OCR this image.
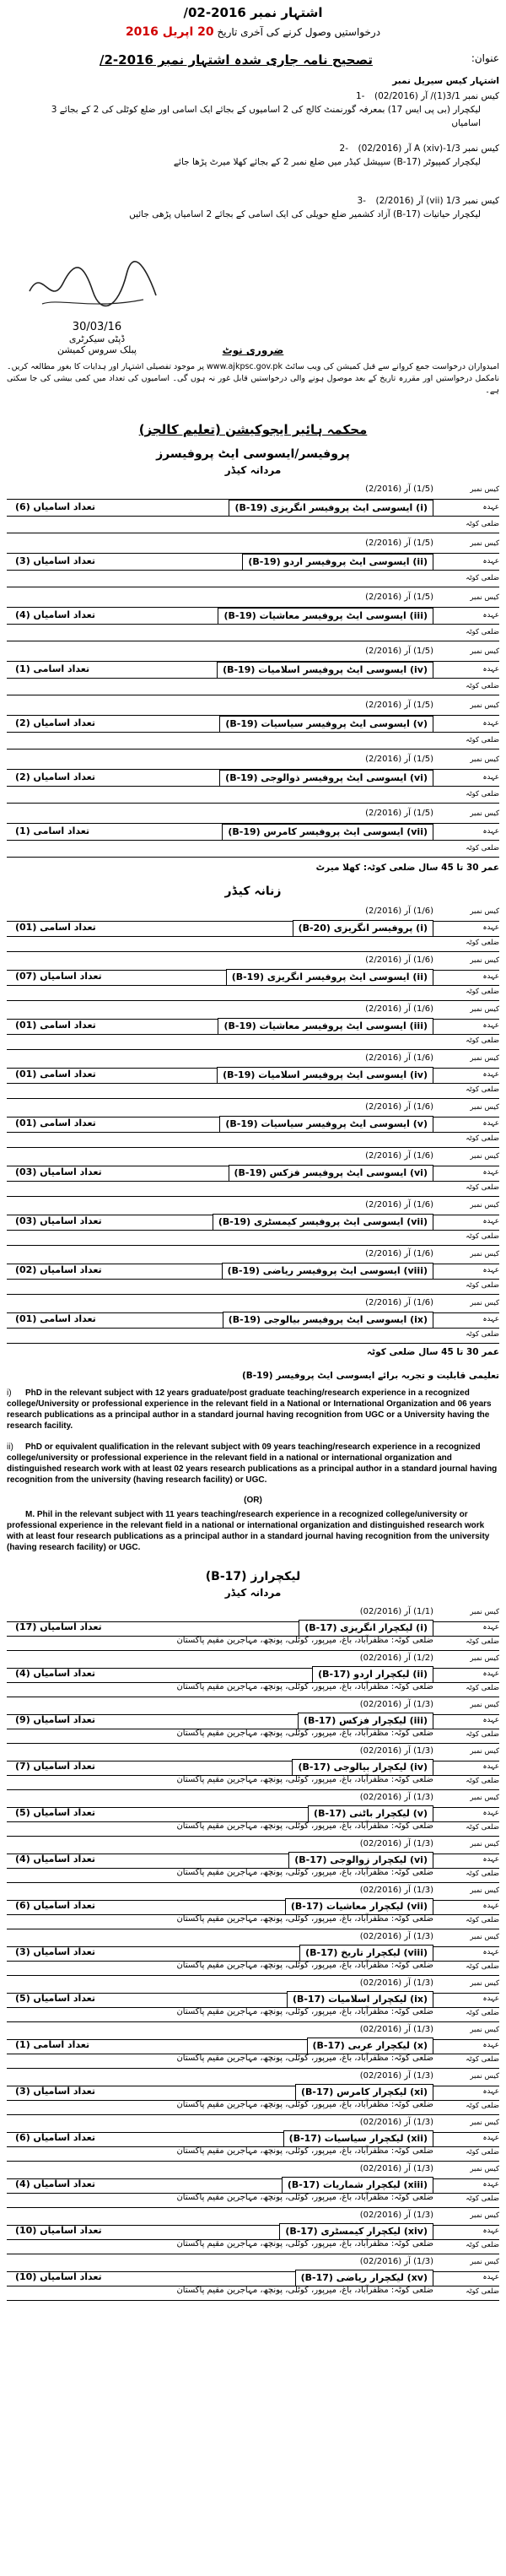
اشتہار نمبر 2016-02/
درخواستیں وصول کرنے کی آخری تاریخ 20 اپریل 2016
عنوان:
تصحیح نامہ جاری شدہ اشتہار نمبر 2016-2/
اشتہار کیس سیریل نمبر
کیس نمبر 3/1(1)/ آر (02/2016)-1
لیکچرار (بی پی ایس 17) بمعرفہ گورنمنٹ کالج کی 2 اسامیوں کے بجائے ایک اسامی اور ضلع کوٹلی کی 2 کے بجائے 3 اسامیاں
کیس نمبر 1/3-A (xiv) آر (02/2016)-2
لیکچرار کمپیوٹر (B-17) سپیشل کیڈر میں ضلع نمبر 2 کے بجائے کھلا میرٹ پڑھا جائے
کیس نمبر 1/3 (vii) آر (2/2016)-3
لیکچرار حیاتیات (B-17) آزاد کشمیر ضلع حویلی کی ایک اسامی کے بجائے 2 اسامیاں پڑھی جائیں
30/03/16
ڈپٹی سیکرٹری
پبلک سروس کمیشن	ضروری نوٹ
امیدواران درخواست جمع کروانے سے قبل کمیشن کی ویب سائٹ www.ajkpsc.gov.pk پر موجود تفصیلی اشتہار اور ہدایات کا بغور مطالعہ کریں۔ نامکمل درخواستیں اور مقررہ تاریخ کے بعد موصول ہونے والی درخواستیں قابل غور نہ ہوں گی۔ اسامیوں کی تعداد میں کمی بیشی کی جا سکتی ہے۔
محکمہ ہائیر ایجوکیشن (تعلیم کالجز)
پروفیسر/ایسوسی ایٹ پروفیسرز
مردانہ کیڈر
کیس نمبر
(1/5) آر (2/2016)
عہدہ
(i) ایسوسی ایٹ پروفیسر انگریزی (B-19)
تعداد اسامیاں (6)
ضلعی کوٹہ
کیس نمبر
(1/5) آر (2/2016)
عہدہ
(ii) ایسوسی ایٹ پروفیسر اردو (B-19)
تعداد اسامیاں (3)
ضلعی کوٹہ
کیس نمبر
(1/5) آر (2/2016)
عہدہ
(iii) ایسوسی ایٹ پروفیسر معاشیات (B-19)
تعداد اسامیاں (4)
ضلعی کوٹہ
کیس نمبر
(1/5) آر (2/2016)
عہدہ
(iv) ایسوسی ایٹ پروفیسر اسلامیات (B-19)
تعداد اسامی (1)
ضلعی کوٹہ
کیس نمبر
(1/5) آر (2/2016)
عہدہ
(v) ایسوسی ایٹ پروفیسر سیاسیات (B-19)
تعداد اسامیاں (2)
ضلعی کوٹہ
کیس نمبر
(1/5) آر (2/2016)
عہدہ
(vi) ایسوسی ایٹ پروفیسر ذوالوجی (B-19)
تعداد اسامیاں (2)
ضلعی کوٹہ
کیس نمبر
(1/5) آر (2/2016)
عہدہ
(vii) ایسوسی ایٹ پروفیسر کامرس (B-19)
تعداد اسامی (1)
ضلعی کوٹہ
عمر 30 تا 45 سال ضلعی کوٹہ: کھلا میرٹ
زنانہ کیڈر
کیس نمبر
(1/6) آر (2/2016)
عہدہ
(i) پروفیسر انگریزی (B-20)
تعداد اسامی (01)
ضلعی کوٹہ
کیس نمبر
(1/6) آر (2/2016)
عہدہ
(ii) ایسوسی ایٹ پروفیسر انگریزی (B-19)
تعداد اسامیاں (07)
ضلعی کوٹہ
کیس نمبر
(1/6) آر (2/2016)
عہدہ
(iii) ایسوسی ایٹ پروفیسر معاشیات (B-19)
تعداد اسامی (01)
ضلعی کوٹہ
کیس نمبر
(1/6) آر (2/2016)
عہدہ
(iv) ایسوسی ایٹ پروفیسر اسلامیات (B-19)
تعداد اسامی (01)
ضلعی کوٹہ
کیس نمبر
(1/6) آر (2/2016)
عہدہ
(v) ایسوسی ایٹ پروفیسر سیاسیات (B-19)
تعداد اسامی (01)
ضلعی کوٹہ
کیس نمبر
(1/6) آر (2/2016)
عہدہ
(vi) ایسوسی ایٹ پروفیسر فزکس (B-19)
تعداد اسامیاں (03)
ضلعی کوٹہ
کیس نمبر
(1/6) آر (2/2016)
عہدہ
(vii) ایسوسی ایٹ پروفیسر کیمسٹری (B-19)
تعداد اسامیاں (03)
ضلعی کوٹہ
کیس نمبر
(1/6) آر (2/2016)
عہدہ
(viii) ایسوسی ایٹ پروفیسر ریاضی (B-19)
تعداد اسامیاں (02)
ضلعی کوٹہ
کیس نمبر
(1/6) آر (2/2016)
عہدہ
(ix) ایسوسی ایٹ پروفیسر بیالوجی (B-19)
تعداد اسامی (01)
ضلعی کوٹہ
عمر 30 تا 45 سال ضلعی کوٹہ
تعلیمی قابلیت و تجربہ برائے ایسوسی ایٹ پروفیسر (B-19)
i) PhD in the relevant subject with 12 years graduate/post graduate teaching/research experience in a recognized college/University or professional experience in the relevant field in a National or International Organization and 06 years research publications as a principal author in a standard journal having recognition from UGC or a University having the research facility.
ii) PhD or equivalent qualification in the relevant subject with 09 years teaching/research experience in a recognized college/university or professional experience in the relevant field in a national or international organization and distinguished research work with at least 02 years research publications as a principal author in a standard journal having recognition from the university (having research facility) or UGC.
(OR)
M. Phil in the relevant subject with 11 years teaching/research experience in a recognized college/university or professional experience in the relevant field in a national or international organization and distinguished research work with at least four research publications as a principal author in a standard journal having recognition from the university (having research facility) or UGC.
لیکچرارز (B-17)
مردانہ کیڈر
کیس نمبر
(1/1) آر (02/2016)
عہدہ
(i) لیکچرار انگریزی (B-17)
تعداد اسامیاں (17)
ضلعی کوٹہ
ضلعی کوٹہ: مظفرآباد، باغ، میرپور، کوٹلی، پونچھ، مہاجرین مقیم پاکستان
کیس نمبر
(1/2) آر (02/2016)
عہدہ
(ii) لیکچرار اردو (B-17)
تعداد اسامیاں (4)
ضلعی کوٹہ
ضلعی کوٹہ: مظفرآباد، باغ، میرپور، کوٹلی، پونچھ، مہاجرین مقیم پاکستان
کیس نمبر
(1/3) آر (02/2016)
عہدہ
(iii) لیکچرار فزکس (B-17)
تعداد اسامیاں (9)
ضلعی کوٹہ
ضلعی کوٹہ: مظفرآباد، باغ، میرپور، کوٹلی، پونچھ، مہاجرین مقیم پاکستان
کیس نمبر
(1/3) آر (02/2016)
عہدہ
(iv) لیکچرار بیالوجی (B-17)
تعداد اسامیاں (7)
ضلعی کوٹہ
ضلعی کوٹہ: مظفرآباد، باغ، میرپور، کوٹلی، پونچھ، مہاجرین مقیم پاکستان
کیس نمبر
(1/3) آر (02/2016)
عہدہ
(v) لیکچرار باٹنی (B-17)
تعداد اسامیاں (5)
ضلعی کوٹہ
ضلعی کوٹہ: مظفرآباد، باغ، میرپور، کوٹلی، پونچھ، مہاجرین مقیم پاکستان
کیس نمبر
(1/3) آر (02/2016)
عہدہ
(vi) لیکچرار زوالوجی (B-17)
تعداد اسامیاں (4)
ضلعی کوٹہ
ضلعی کوٹہ: مظفرآباد، باغ، میرپور، کوٹلی، پونچھ، مہاجرین مقیم پاکستان
کیس نمبر
(1/3) آر (02/2016)
عہدہ
(vii) لیکچرار معاشیات (B-17)
تعداد اسامیاں (6)
ضلعی کوٹہ
ضلعی کوٹہ: مظفرآباد، باغ، میرپور، کوٹلی، پونچھ، مہاجرین مقیم پاکستان
کیس نمبر
(1/3) آر (02/2016)
عہدہ
(viii) لیکچرار تاریخ (B-17)
تعداد اسامیاں (3)
ضلعی کوٹہ
ضلعی کوٹہ: مظفرآباد، باغ، میرپور، کوٹلی، پونچھ، مہاجرین مقیم پاکستان
کیس نمبر
(1/3) آر (02/2016)
عہدہ
(ix) لیکچرار اسلامیات (B-17)
تعداد اسامیاں (5)
ضلعی کوٹہ
ضلعی کوٹہ: مظفرآباد، باغ، میرپور، کوٹلی، پونچھ، مہاجرین مقیم پاکستان
کیس نمبر
(1/3) آر (02/2016)
عہدہ
(x) لیکچرار عربی (B-17)
تعداد اسامی (1)
ضلعی کوٹہ
ضلعی کوٹہ: مظفرآباد، باغ، میرپور، کوٹلی، پونچھ، مہاجرین مقیم پاکستان
کیس نمبر
(1/3) آر (02/2016)
عہدہ
(xi) لیکچرار کامرس (B-17)
تعداد اسامیاں (3)
ضلعی کوٹہ
ضلعی کوٹہ: مظفرآباد، باغ، میرپور، کوٹلی، پونچھ، مہاجرین مقیم پاکستان
کیس نمبر
(1/3) آر (02/2016)
عہدہ
(xii) لیکچرار سیاسیات (B-17)
تعداد اسامیاں (6)
ضلعی کوٹہ
ضلعی کوٹہ: مظفرآباد، باغ، میرپور، کوٹلی، پونچھ، مہاجرین مقیم پاکستان
کیس نمبر
(1/3) آر (02/2016)
عہدہ
(xiii) لیکچرار شماریات (B-17)
تعداد اسامیاں (4)
ضلعی کوٹہ
ضلعی کوٹہ: مظفرآباد، باغ، میرپور، کوٹلی، پونچھ، مہاجرین مقیم پاکستان
کیس نمبر
(1/3) آر (02/2016)
عہدہ
(xiv) لیکچرار کیمسٹری (B-17)
تعداد اسامیاں (10)
ضلعی کوٹہ
ضلعی کوٹہ: مظفرآباد، باغ، میرپور، کوٹلی، پونچھ، مہاجرین مقیم پاکستان
کیس نمبر
(1/3) آر (02/2016)
عہدہ
(xv) لیکچرار ریاضی (B-17)
تعداد اسامیاں (10)
ضلعی کوٹہ
ضلعی کوٹہ: مظفرآباد، باغ، میرپور، کوٹلی، پونچھ، مہاجرین مقیم پاکستان
